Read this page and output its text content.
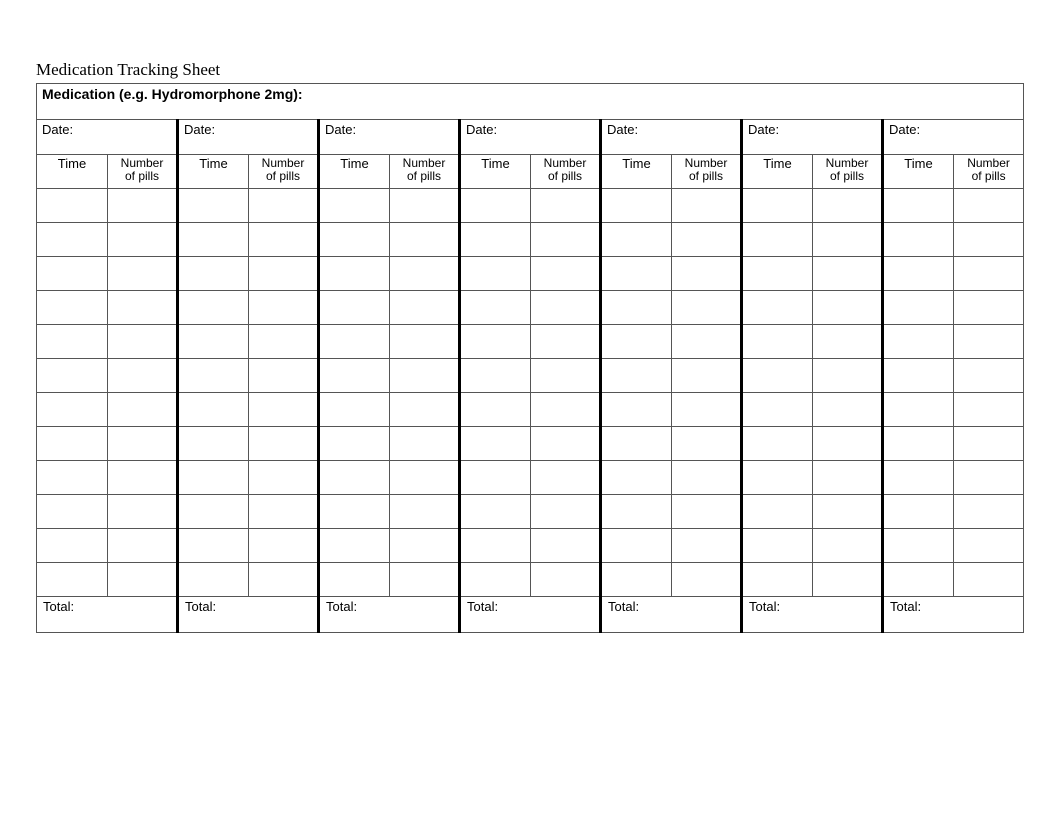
Medication Tracking Sheet
Medication (e.g. Hydromorphone 2mg):													
Date:		Date:		Date:		Date:		Date:		Date:		Date:	
Time	Number
of pills	Time	Number
of pills	Time	Number
of pills	Time	Number
of pills	Time	Number
of pills	Time	Number
of pills	Time	Number
of pills

Total:		Total:		Total:		Total:		Total:		Total:		Total:	
